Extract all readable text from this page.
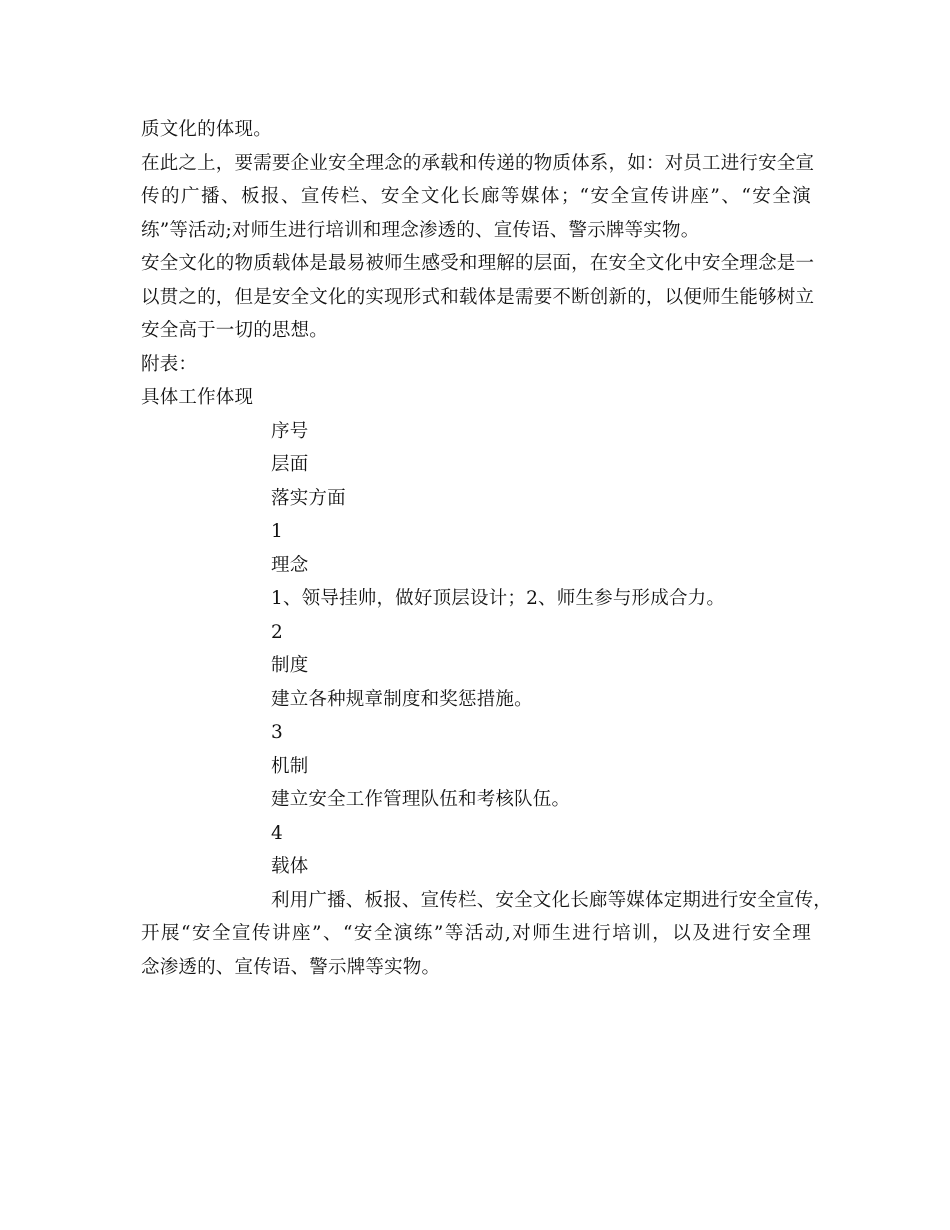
质文化的体现。
在此之上，要需要企业安全理念的承载和传递的物质体系，如：对员工进行安全宣
传的广播、板报、宣传栏、安全文化长廊等媒体；“安全宣传讲座”、“安全演
练”等活动;对师生进行培训和理念渗透的、宣传语、警示牌等实物。
安全文化的物质载体是最易被师生感受和理解的层面，在安全文化中安全理念是一
以贯之的，但是安全文化的实现形式和载体是需要不断创新的，以便师生能够树立
安全高于一切的思想。
附表：
具体工作体现
序号
层面
落实方面
1
理念
1、领导挂帅，做好顶层设计；2、师生参与形成合力。
2
制度
建立各种规章制度和奖惩措施。
3
机制
建立安全工作管理队伍和考核队伍。
4
载体
利用广播、板报、宣传栏、安全文化长廊等媒体定期进行安全宣传，
开展“安全宣传讲座”、“安全演练”等活动,对师生进行培训，以及进行安全理
念渗透的、宣传语、警示牌等实物。
